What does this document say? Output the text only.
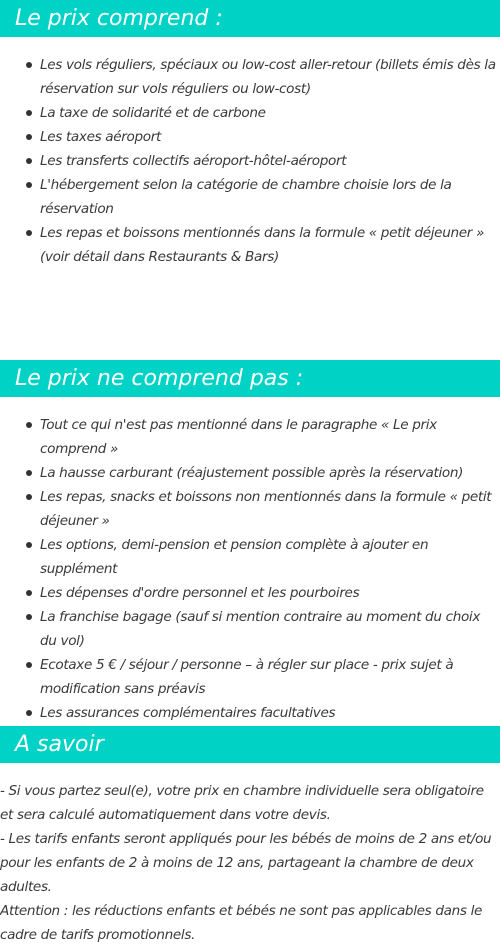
Le prix comprend :
Les vols réguliers, spéciaux ou low-cost aller-retour (billets émis dès la réservation sur vols réguliers ou low-cost)
La taxe de solidarité et de carbone
Les taxes aéroport
Les transferts collectifs aéroport-hôtel-aéroport
L'hébergement selon la catégorie de chambre choisie lors de la réservation
Les repas et boissons mentionnés dans la formule « petit déjeuner » (voir détail dans Restaurants & Bars)
Le prix ne comprend pas :
Tout ce qui n'est pas mentionné dans le paragraphe « Le prix comprend »
La hausse carburant (réajustement possible après la réservation)
Les repas, snacks et boissons non mentionnés dans la formule « petit déjeuner »
Les options, demi-pension et pension complète à ajouter en supplément
Les dépenses d'ordre personnel et les pourboires
La franchise bagage (sauf si mention contraire au moment du choix du vol)
Ecotaxe 5 € / séjour / personne – à régler sur place - prix sujet à modification sans préavis
Les assurances complémentaires facultatives
A savoir

- Si vous partez seul(e), votre prix en chambre individuelle sera obligatoire et sera calculé automatiquement dans votre devis.

- Les tarifs enfants seront appliqués pour les bébés de moins de 2 ans et/ou pour les enfants de 2 à moins de 12 ans, partageant la chambre de deux adultes.

Attention : les réductions enfants et bébés ne sont pas applicables dans le cadre de tarifs promotionnels.
